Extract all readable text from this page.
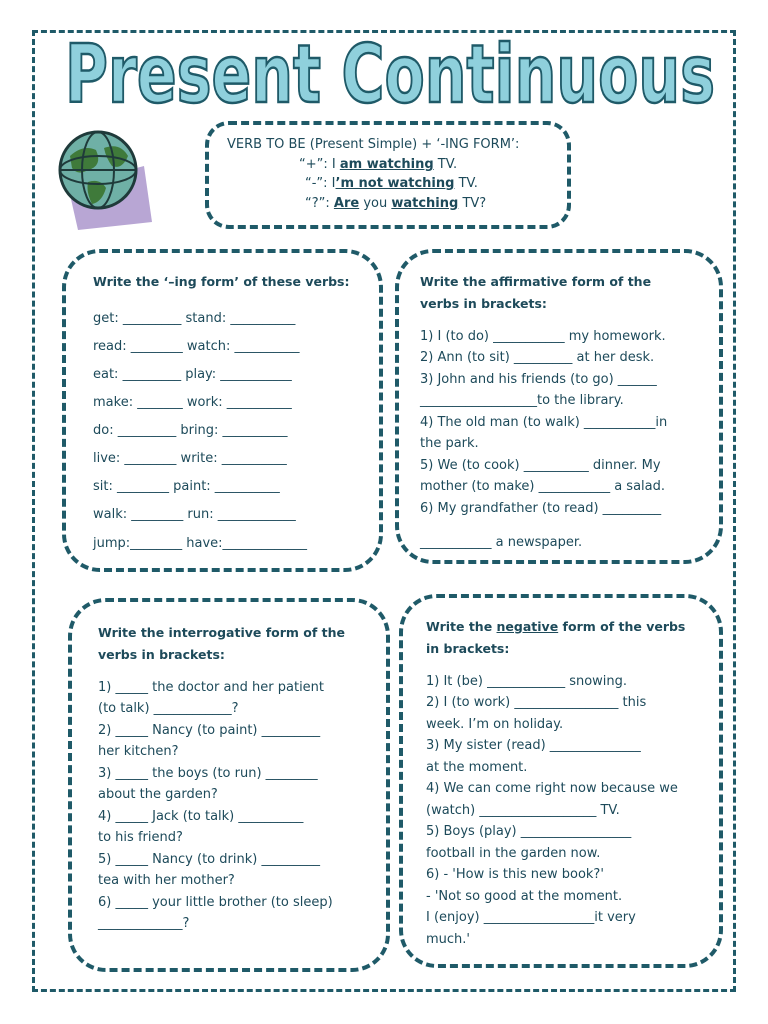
Present Continuous
VERB TO BE (Present Simple) + ‘-ING FORM’:
“+”: I am watching TV.
“-”: I’m not watching TV.
“?”: Are you watching TV?
Write the ‘–ing form’ of these verbs:
get: _________ stand: __________
read: ________ watch: __________
eat: _________ play: ___________
make: _______ work: __________
do: _________ bring: __________
live: ________ write: __________
sit: ________ paint: __________
walk: ________ run: ____________
jump:________ have:_____________
Write the affirmative form of the
verbs in brackets:
1) I (to do) ___________ my homework.
2) Ann (to sit) _________ at her desk.
3) John and his friends (to go) ______
__________________to the library.
4) The old man (to walk) ___________in
the park.
5) We (to cook) __________ dinner. My
mother (to make) ___________ a salad.
6) My grandfather (to read) _________
___________ a newspaper.
Write the interrogative form of the
verbs in brackets:
1) _____ the doctor and her patient
(to talk) ____________?
2) _____ Nancy (to paint) _________
her kitchen?
3) _____ the boys (to run) ________
about the garden?
4) _____ Jack (to talk) __________
to his friend?
5) _____ Nancy (to drink) _________
tea with her mother?
6) _____ your little brother (to sleep)
_____________?
Write the negative form of the verbs
in brackets:
1) It (be) ____________ snowing.
2) I (to work) ________________ this
week. I’m on holiday.
3) My sister (read) ______________
at the moment.
4) We can come right now because we
(watch) __________________ TV.
5) Boys (play) _________________
football in the garden now.
6) - 'How is this new book?'
- 'Not so good at the moment.
I (enjoy) _________________it very
much.'
